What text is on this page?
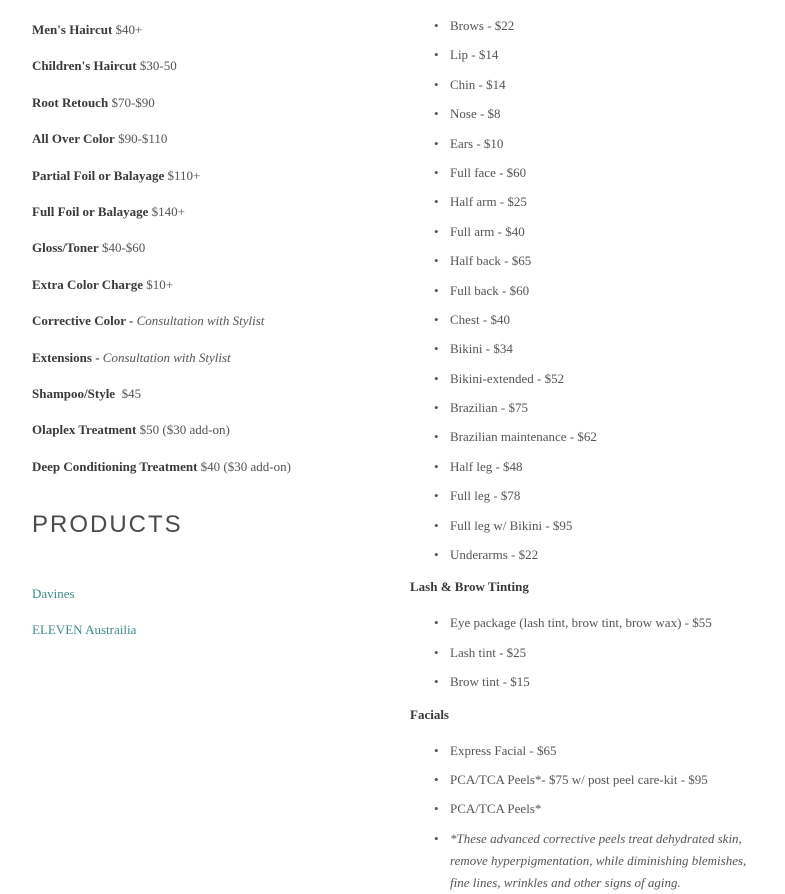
Men's Haircut $40+
Children's Haircut $30-50
Root Retouch $70-$90
All Over Color $90-$110
Partial Foil or Balayage $110+
Full Foil or Balayage $140+
Gloss/Toner $40-$60
Extra Color Charge $10+
Corrective Color - Consultation with Stylist
Extensions - Consultation with Stylist
Shampoo/Style  $45
Olaplex Treatment $50 ($30 add-on)
Deep Conditioning Treatment $40 ($30 add-on)
PRODUCTS
Davines
ELEVEN Austrailia
• Brows - $22
• Lip - $14
• Chin - $14
• Nose - $8
• Ears - $10
• Full face - $60
• Half arm - $25
• Full arm - $40
• Half back - $65
• Full back - $60
• Chest - $40
• Bikini - $34
• Bikini-extended - $52
• Brazilian - $75
• Brazilian maintenance - $62
• Half leg - $48
• Full leg - $78
• Full leg w/ Bikini - $95
• Underarms - $22
Lash & Brow Tinting
• Eye package (lash tint, brow tint, brow wax) - $55
• Lash tint - $25
• Brow tint - $15
Facials
• Express Facial - $65
• PCA/TCA Peels*- $75 w/ post peel care-kit - $95
• PCA/TCA Peels*
• *These advanced corrective peels treat dehydrated skin, remove hyperpigmentation, while diminishing blemishes, fine lines, wrinkles and other signs of aging.
